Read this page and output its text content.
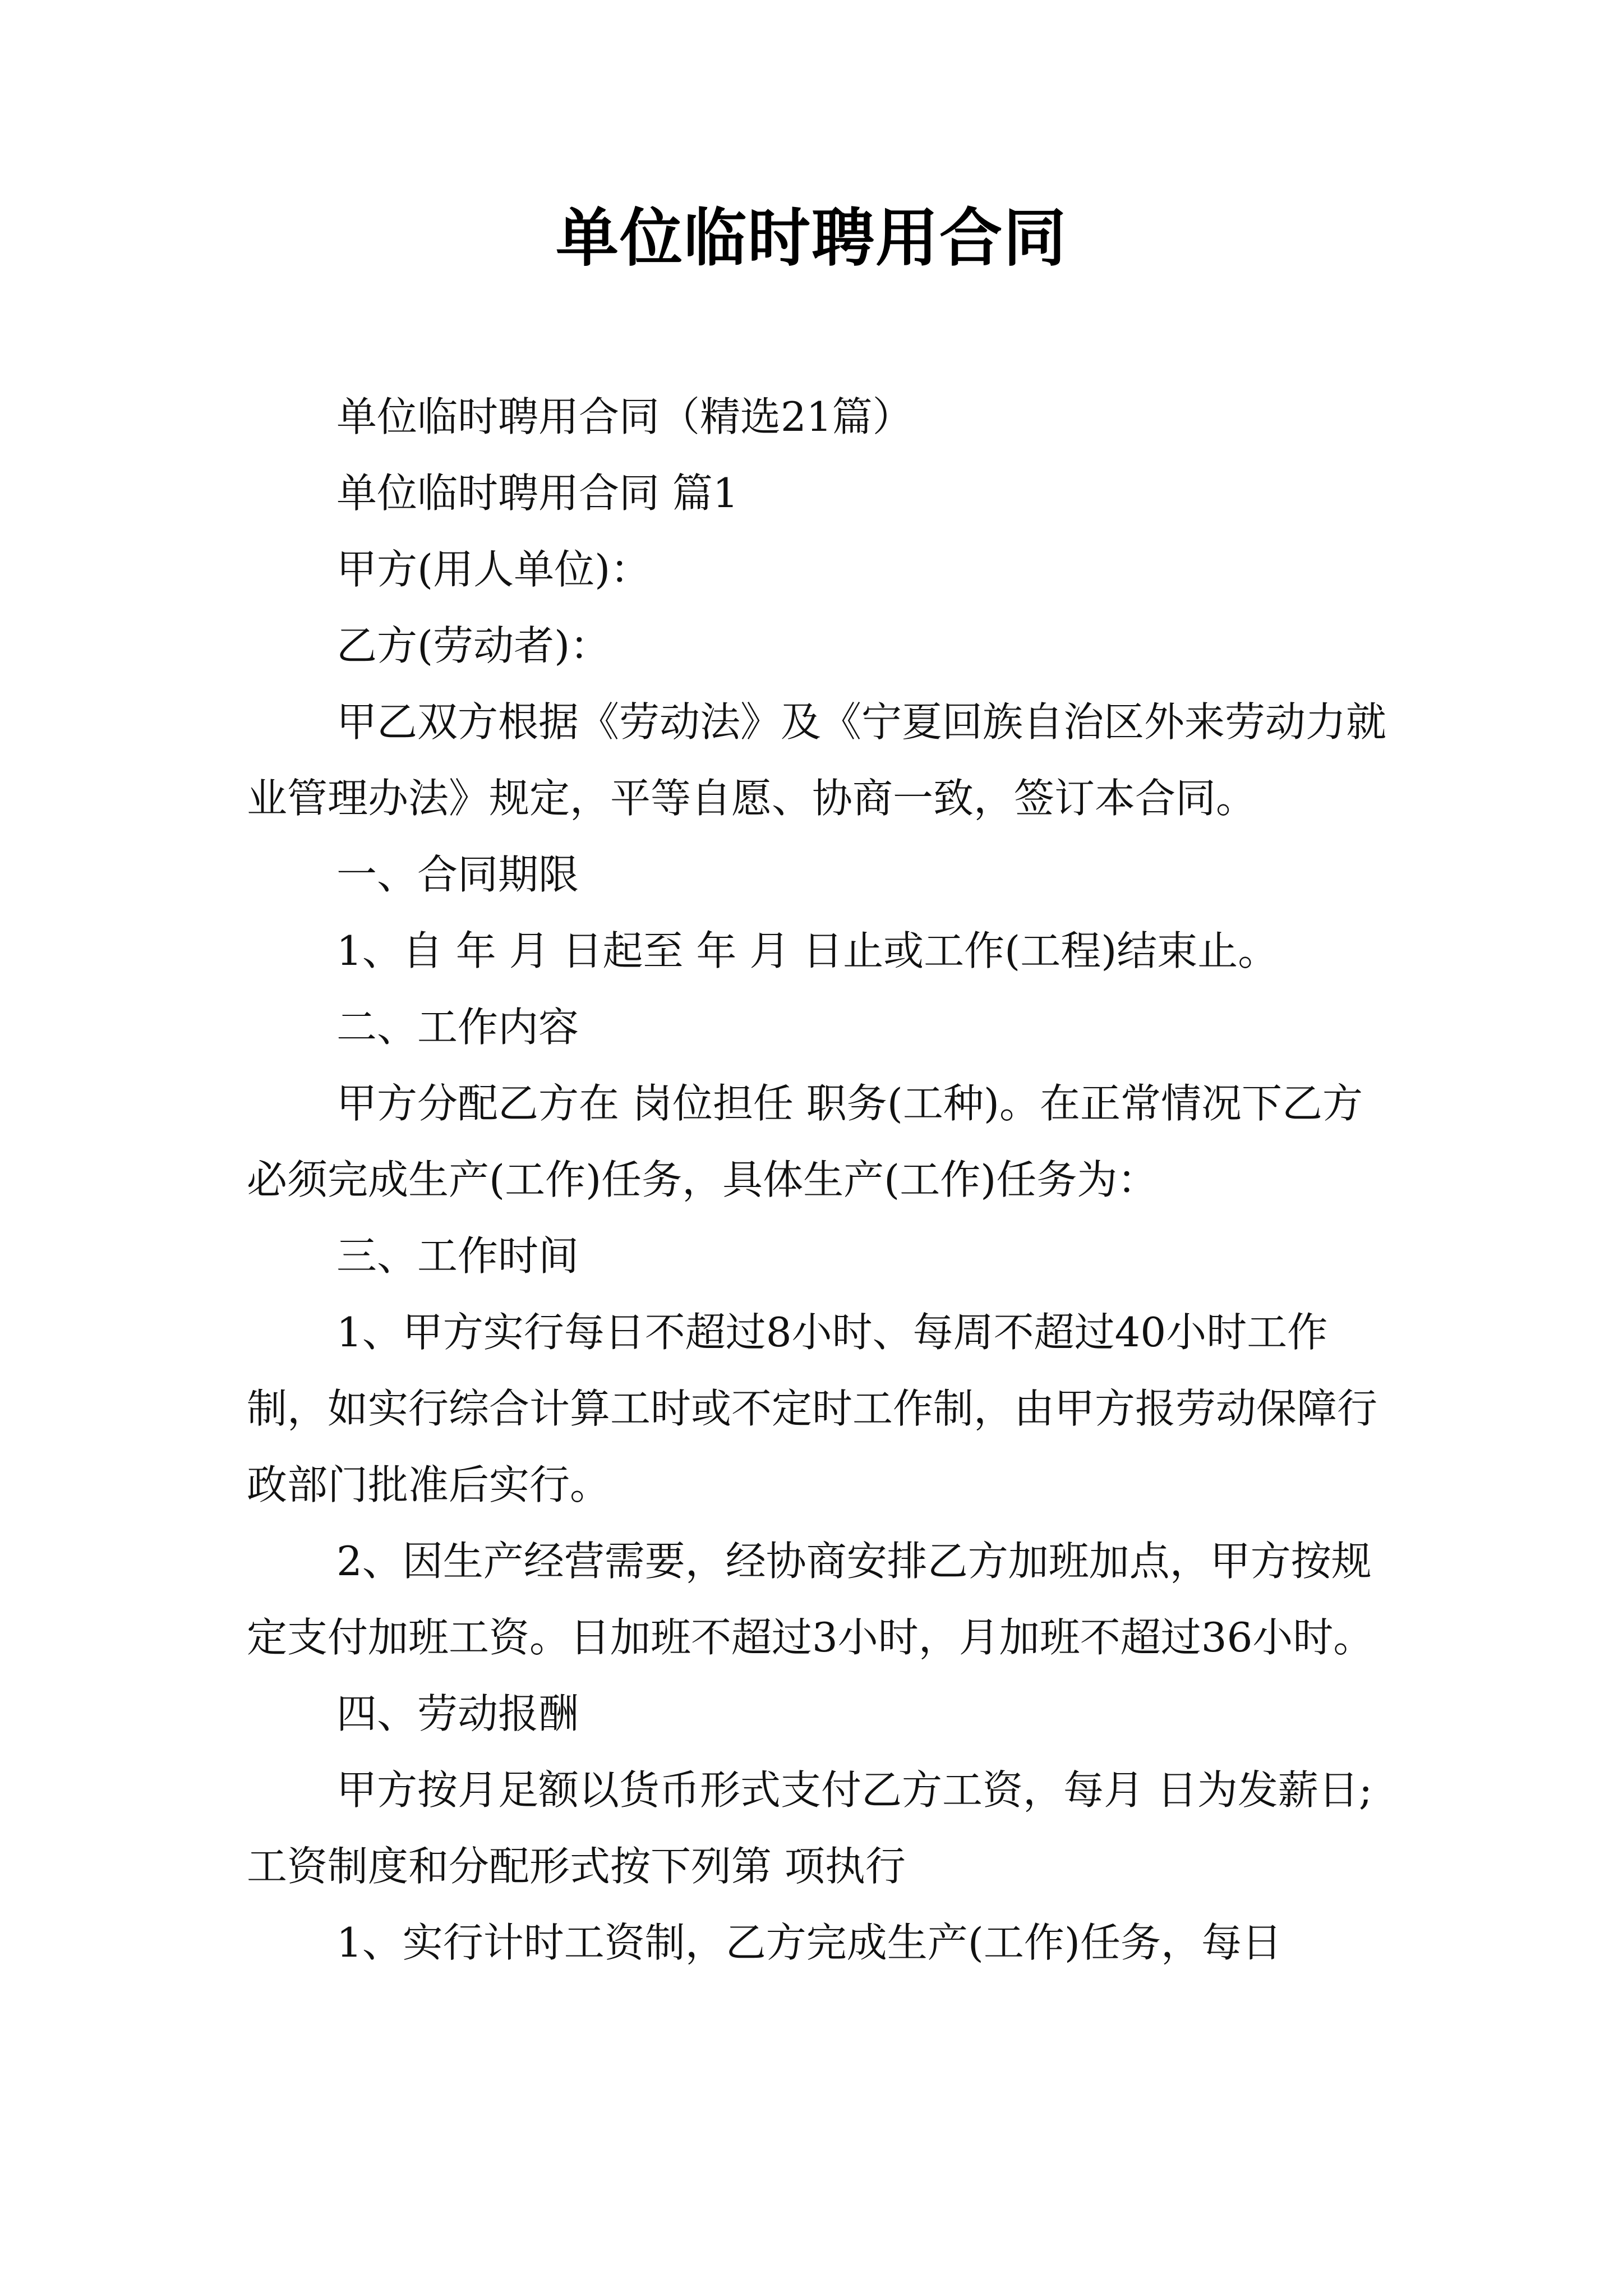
单位临时聘用合同

单位临时聘用合同（精选21篇）

单位临时聘用合同 篇1

甲方(用人单位)：

乙方(劳动者)：

甲乙双方根据《劳动法》及《宁夏回族自治区外来劳动力就业管理办法》规定，平等自愿、协商一致，签订本合同。

一、合同期限

1、自 年 月 日起至 年 月 日止或工作(工程)结束止。

二、工作内容

甲方分配乙方在 岗位担任 职务(工种)。在正常情况下乙方必须完成生产(工作)任务，具体生产(工作)任务为：

三、工作时间

1、甲方实行每日不超过8小时、每周不超过40小时工作制，如实行综合计算工时或不定时工作制，由甲方报劳动保障行政部门批准后实行。

2、因生产经营需要，经协商安排乙方加班加点，甲方按规定支付加班工资。日加班不超过3小时，月加班不超过36小时。

四、劳动报酬

甲方按月足额以货币形式支付乙方工资，每月 日为发薪日;工资制度和分配形式按下列第 项执行

1、实行计时工资制，乙方完成生产(工作)任务，每日
